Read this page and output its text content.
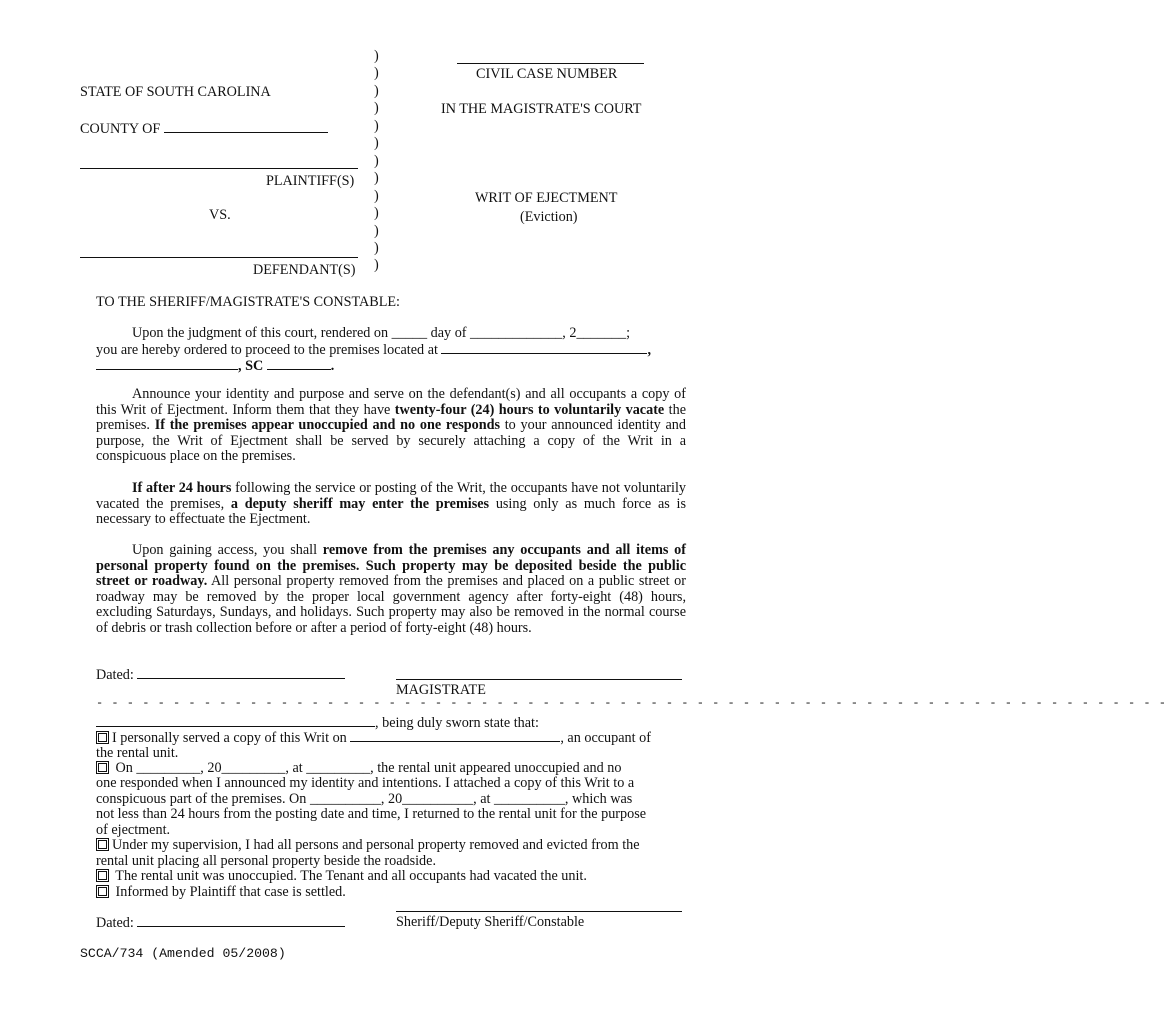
)
)
)
)
)
)
)
)
)
)
)
)
)
STATE OF SOUTH CAROLINA
COUNTY OF
PLAINTIFF(S)
VS.
DEFENDANT(S)
CIVIL CASE NUMBER
IN THE MAGISTRATE'S COURT
WRIT OF EJECTMENT
(Eviction)
TO THE SHERIFF/MAGISTRATE'S CONSTABLE:
Upon the judgment of this court, rendered on _____ day of _____________, 2_______;
you are hereby ordered to proceed to the premises located at	,
, SC	.
Announce your identity and purpose and serve on the defendant(s) and all occupants a copy of this Writ of Ejectment. Inform them that they have twenty-four (24) hours to voluntarily vacate the premises. If the premises appear unoccupied and no one responds to your announced identity and purpose, the Writ of Ejectment shall be served by securely attaching a copy of the Writ in a conspicuous place on the premises.
If after 24 hours following the service or posting of the Writ, the occupants have not voluntarily vacated the premises, a deputy sheriff may enter the premises using only as much force as is necessary to effectuate the Ejectment.
Upon gaining access, you shall remove from the premises any occupants and all items of personal property found on the premises. Such property may be deposited beside the public street or roadway. All personal property removed from the premises and placed on a public street or roadway may be removed by the proper local government agency after forty-eight (48) hours, excluding Saturdays, Sundays, and holidays. Such property may also be removed in the normal course of debris or trash collection before or after a period of forty-eight (48) hours.
Dated:
MAGISTRATE
- - - - - - - - - - - - - - - - - - - - - - - - - - - - - - - - - - - - - - - - - - - - - - - - - - - - - - - - - - - - - - - - - - - - - -
, being duly sworn state that:
I personally served a copy of this Writ on	, an occupant of
the rental unit.
On _________, 20_________, at _________, the rental unit appeared unoccupied and no
one responded when I announced my identity and intentions. I attached a copy of this Writ to a
conspicuous part of the premises. On __________, 20__________, at __________, which was
not less than 24 hours from the posting date and time, I returned to the rental unit for the purpose
of ejectment.
Under my supervision, I had all persons and personal property removed and evicted from the
rental unit placing all personal property beside the roadside.
The rental unit was unoccupied. The Tenant and all occupants had vacated the unit.
Informed by Plaintiff that case is settled.
Dated:	Sheriff/Deputy Sheriff/Constable
SCCA/734 (Amended 05/2008)
